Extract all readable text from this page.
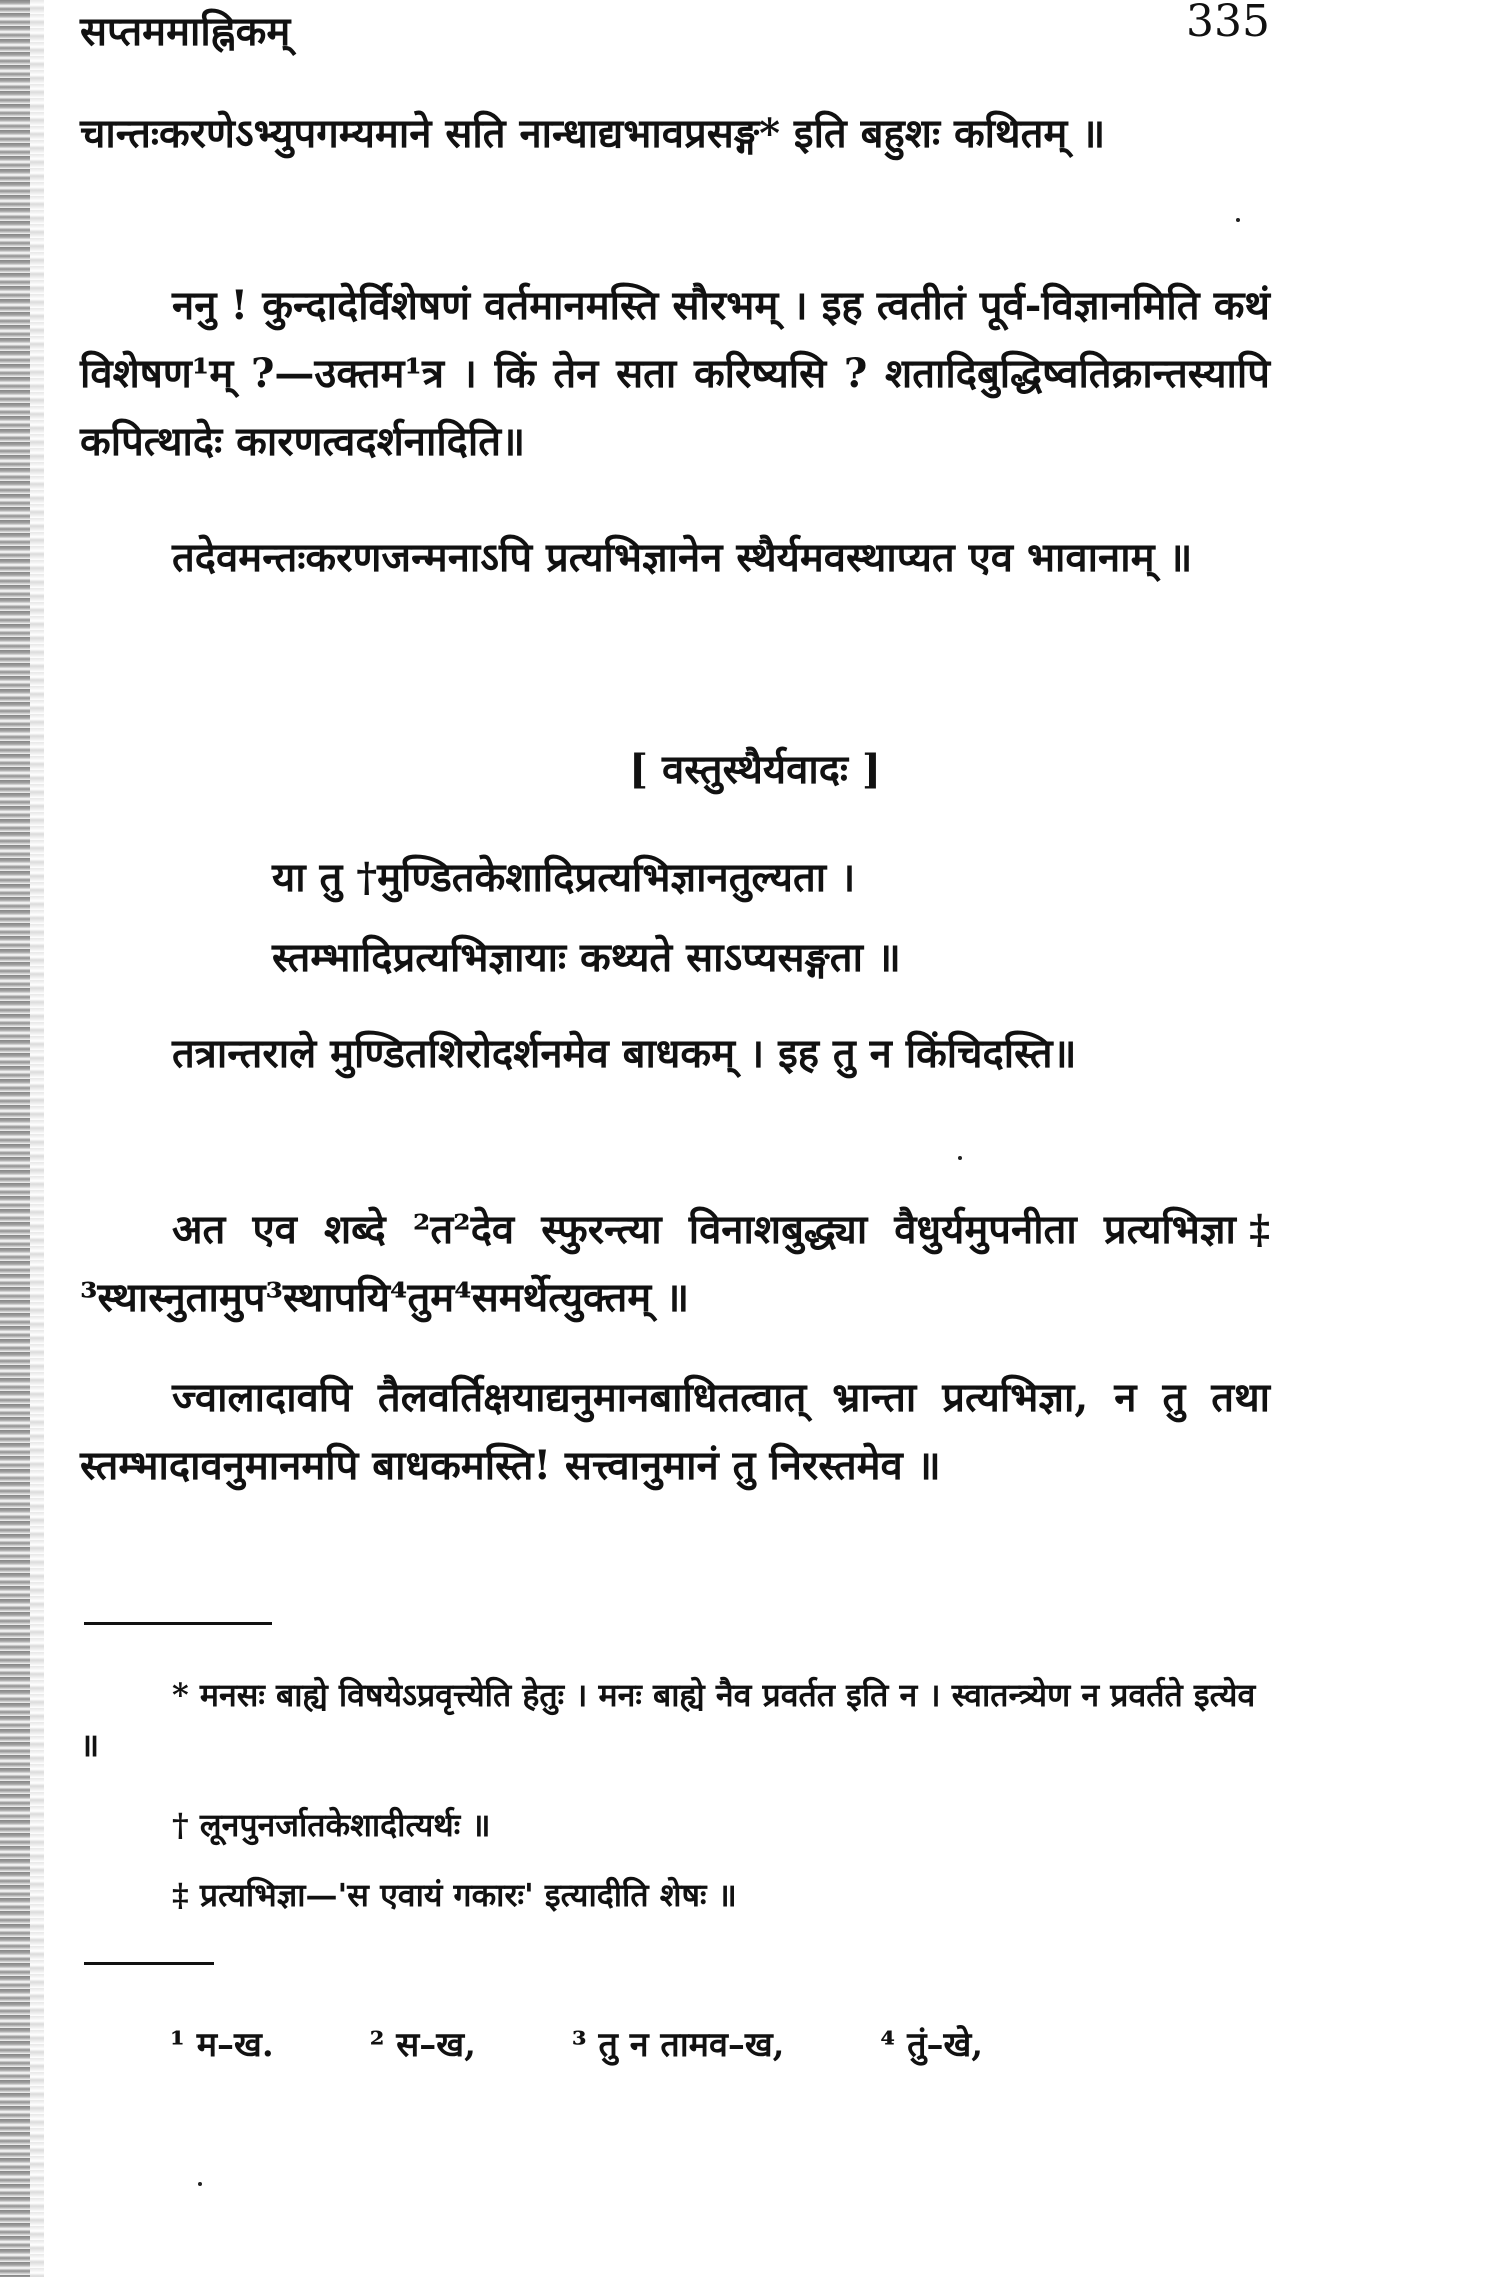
सप्तममाह्निकम्	335

चान्तःकरणेऽभ्युपगम्यमाने सति नान्धाद्यभावप्रसङ्ग* इति बहुशः कथितम् ॥

ननु ! कुन्दादेर्विशेषणं वर्तमानमस्ति सौरभम् । इह त्वतीतं पूर्व-विज्ञानमिति कथं विशेषण¹म् ?—उक्तम¹त्र । किं तेन सता करिष्यसि ? शतादिबुद्धिष्वतिक्रान्तस्यापि कपित्थादेः कारणत्वदर्शनादिति॥

तदेवमन्तःकरणजन्मनाऽपि प्रत्यभिज्ञानेन स्थैर्यमवस्थाप्यत एव भावानाम् ॥

[ वस्तुस्थैर्यवादः ]
या तु †मुण्डितकेशादिप्रत्यभिज्ञानतुल्यता ।
स्तम्भादिप्रत्यभिज्ञायाः कथ्यते साऽप्यसङ्गता ॥

तत्रान्तराले मुण्डितशिरोदर्शनमेव बाधकम् । इह तु न किंचिदस्ति॥

अत एव शब्दे ²त²देव स्फुरन्त्या विनाशबुद्ध्या वैधुर्यमुपनीता प्रत्यभिज्ञा‡ ³स्थास्नुतामुप³स्थापयि⁴तुम⁴समर्थेत्युक्तम् ॥

ज्वालादावपि तैलवर्तिक्षयाद्यनुमानबाधितत्वात् भ्रान्ता प्रत्यभिज्ञा, न तु तथा स्तम्भादावनुमानमपि बाधकमस्ति! सत्त्वानुमानं तु निरस्तमेव ॥

* मनसः बाह्ये विषयेऽप्रवृत्त्येति हेतुः । मनः बाह्ये नैव प्रवर्तत इति न । स्वातन्त्र्येण न प्रवर्तते इत्येव ॥
† लूनपुनर्जातकेशादीत्यर्थः ॥
‡ प्रत्यभिज्ञा—'स एवायं गकारः' इत्यादीति शेषः ॥
¹ म–ख.	² स–ख,	³ तु न तामव–ख,	⁴ तुं–खे,
